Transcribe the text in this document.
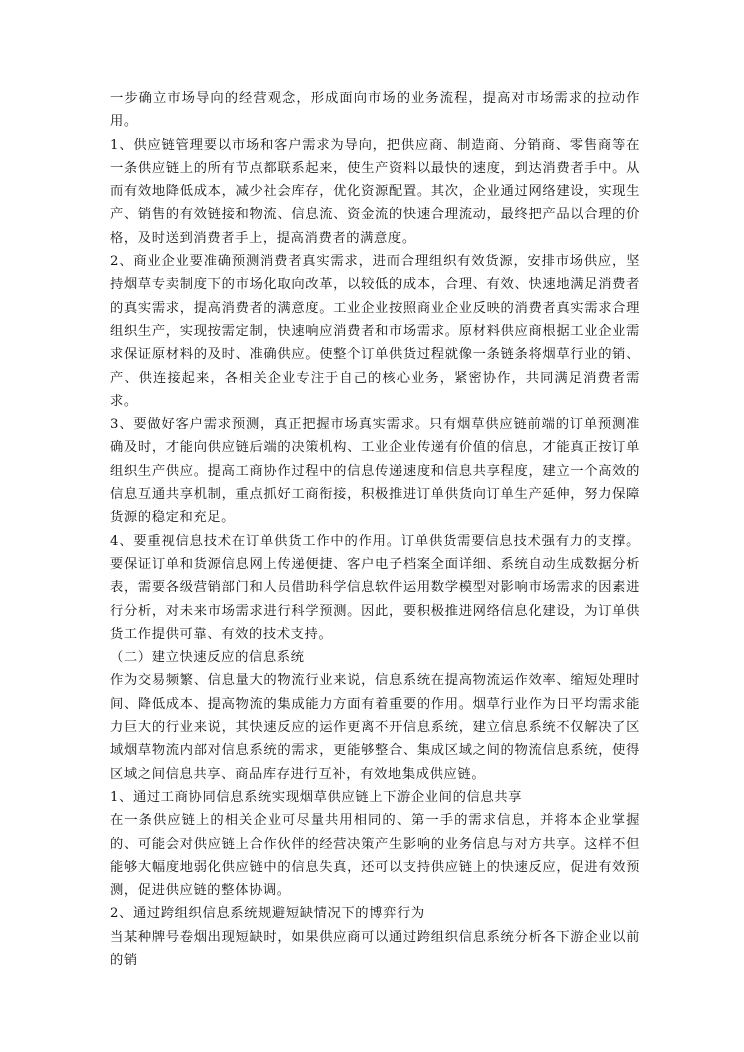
一步确立市场导向的经营观念，形成面向市场的业务流程，提高对市场需求的拉动作用。

1、供应链管理要以市场和客户需求为导向，把供应商、制造商、分销商、零售商等在一条供应链上的所有节点都联系起来，使生产资料以最快的速度，到达消费者手中。从而有效地降低成本，减少社会库存，优化资源配置。其次，企业通过网络建设，实现生产、销售的有效链接和物流、信息流、资金流的快速合理流动，最终把产品以合理的价格，及时送到消费者手上，提高消费者的满意度。

2、商业企业要准确预测消费者真实需求，进而合理组织有效货源，安排市场供应，坚持烟草专卖制度下的市场化取向改革，以较低的成本，合理、有效、快速地满足消费者的真实需求，提高消费者的满意度。工业企业按照商业企业反映的消费者真实需求合理组织生产，实现按需定制，快速响应消费者和市场需求。原材料供应商根据工业企业需求保证原材料的及时、准确供应。使整个订单供货过程就像一条链条将烟草行业的销、产、供连接起来，各相关企业专注于自己的核心业务，紧密协作，共同满足消费者需求。

3、要做好客户需求预测，真正把握市场真实需求。只有烟草供应链前端的订单预测准确及时，才能向供应链后端的决策机构、工业企业传递有价值的信息，才能真正按订单组织生产供应。提高工商协作过程中的信息传递速度和信息共享程度，建立一个高效的信息互通共享机制，重点抓好工商衔接，积极推进订单供货向订单生产延伸，努力保障货源的稳定和充足。

4、要重视信息技术在订单供货工作中的作用。订单供货需要信息技术强有力的支撑。要保证订单和货源信息网上传递便捷、客户电子档案全面详细、系统自动生成数据分析表，需要各级营销部门和人员借助科学信息软件运用数学模型对影响市场需求的因素进行分析，对未来市场需求进行科学预测。因此，要积极推进网络信息化建设，为订单供货工作提供可靠、有效的技术支持。

（二）建立快速反应的信息系统

作为交易频繁、信息量大的物流行业来说，信息系统在提高物流运作效率、缩短处理时间、降低成本、提高物流的集成能力方面有着重要的作用。烟草行业作为日平均需求能力巨大的行业来说，其快速反应的运作更离不开信息系统，建立信息系统不仅解决了区域烟草物流内部对信息系统的需求，更能够整合、集成区域之间的物流信息系统，使得区域之间信息共享、商品库存进行互补，有效地集成供应链。

1、通过工商协同信息系统实现烟草供应链上下游企业间的信息共享

在一条供应链上的相关企业可尽量共用相同的、第一手的需求信息，并将本企业掌握的、可能会对供应链上合作伙伴的经营决策产生影响的业务信息与对方共享。这样不但能够大幅度地弱化供应链中的信息失真，还可以支持供应链上的快速反应，促进有效预测，促进供应链的整体协调。

2、通过跨组织信息系统规避短缺情况下的博弈行为

当某种牌号卷烟出现短缺时，如果供应商可以通过跨组织信息系统分析各下游企业以前的销
